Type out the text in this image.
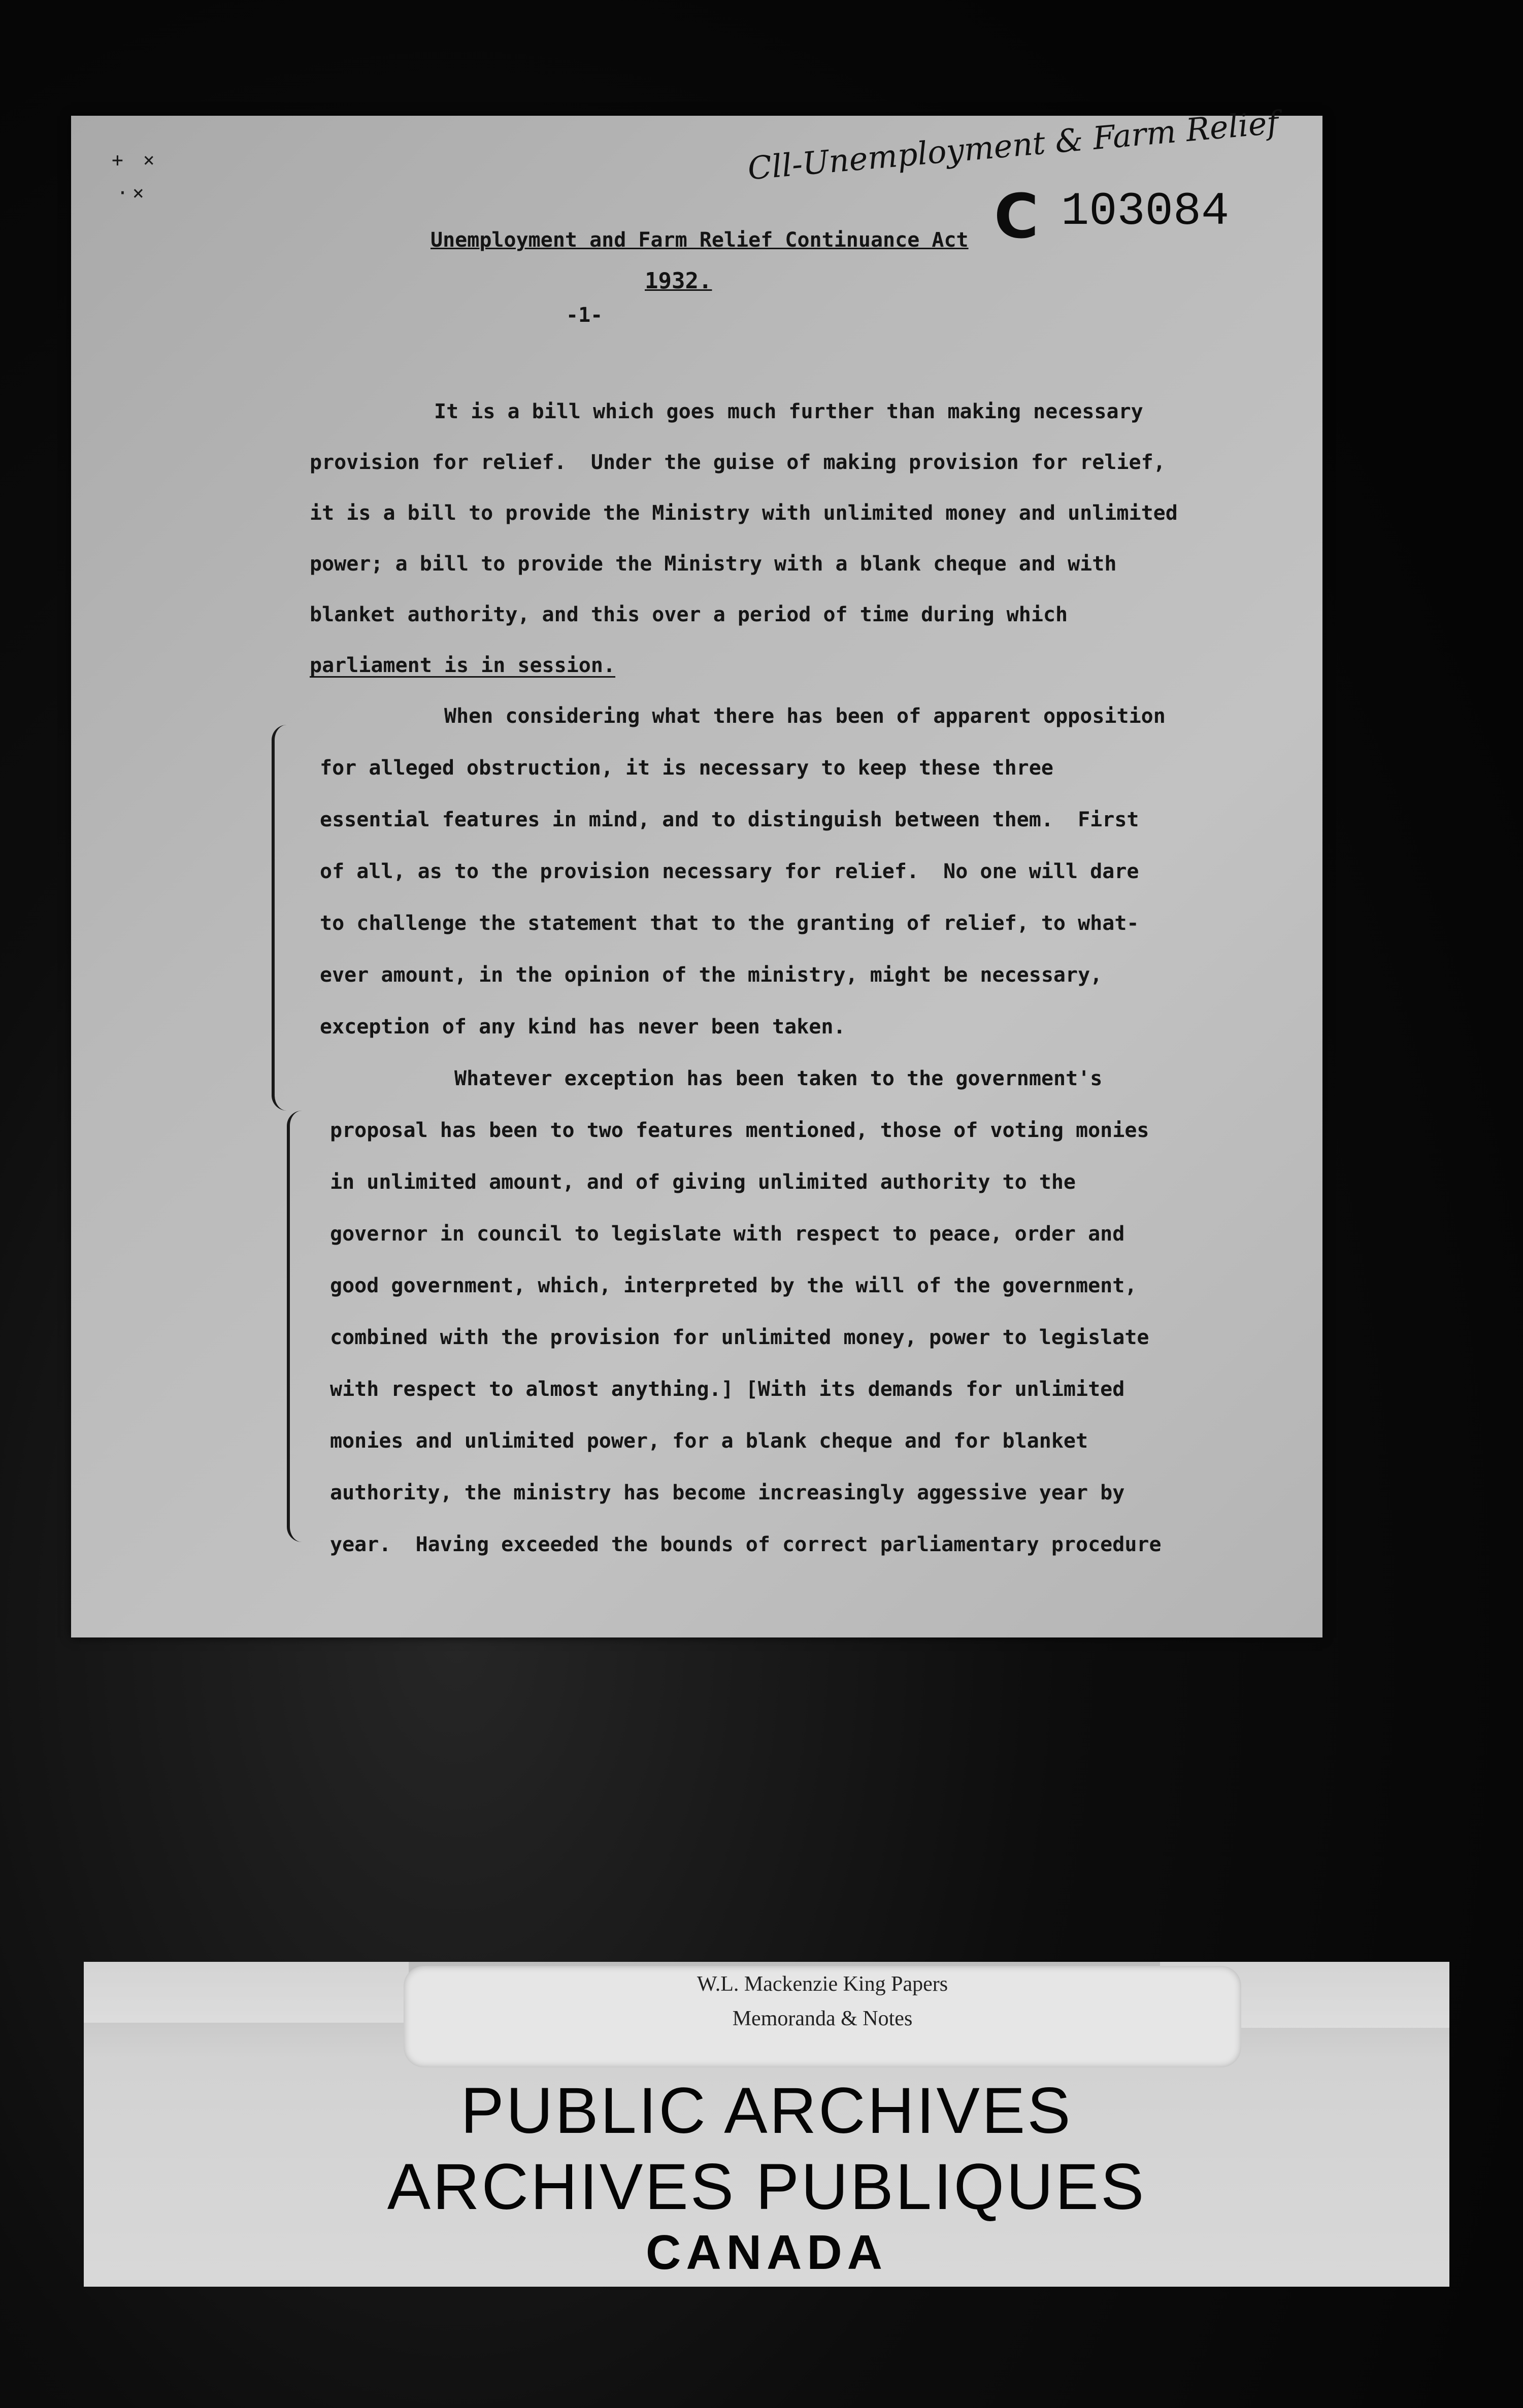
+ ×
·×
Cll-Unemployment & Farm Relief
C 103084
Unemployment and Farm Relief Continuance Act
1932.
-1-
It is a bill which goes much further than making necessary
provision for relief.  Under the guise of making provision for relief,
it is a bill to provide the Ministry with unlimited money and unlimited
power; a bill to provide the Ministry with a blank cheque and with
blanket authority, and this over a period of time during which
parliament is in session.
When considering what there has been of apparent opposition
for alleged obstruction, it is necessary to keep these three
essential features in mind, and to distinguish between them.  First
of all, as to the provision necessary for relief.  No one will dare
to challenge the statement that to the granting of relief, to what-
ever amount, in the opinion of the ministry, might be necessary,
exception of any kind has never been taken.
Whatever exception has been taken to the government's
proposal has been to two features mentioned, those of voting monies
in unlimited amount, and of giving unlimited authority to the
governor in council to legislate with respect to peace, order and
good government, which, interpreted by the will of the government,
combined with the provision for unlimited money, power to legislate
with respect to almost anything.] [With its demands for unlimited
monies and unlimited power, for a blank cheque and for blanket
authority, the ministry has become increasingly aggessive year by
year.  Having exceeded the bounds of correct parliamentary procedure
W.L. Mackenzie King Papers
Memoranda & Notes
PUBLIC ARCHIVES
ARCHIVES PUBLIQUES
CANADA
